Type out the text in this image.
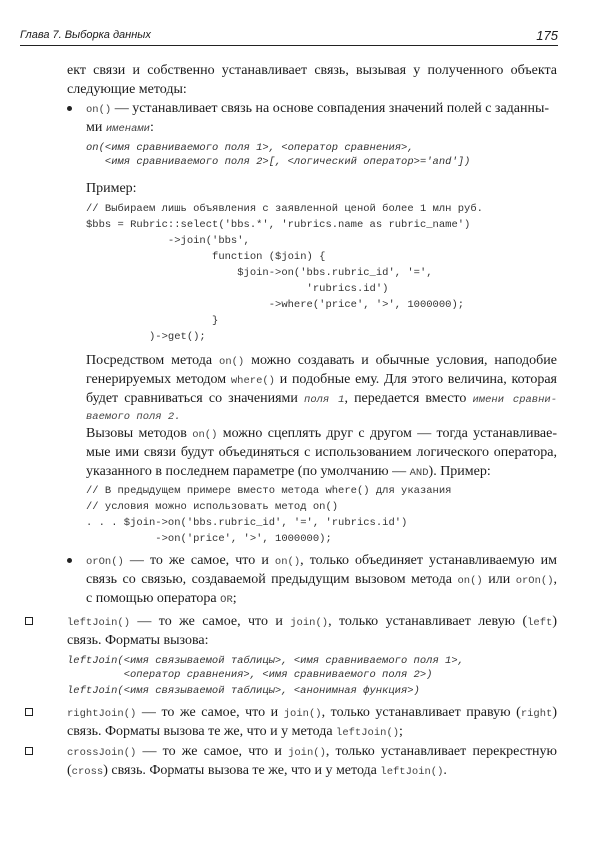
Глава 7. Выборка данных	175
ект связи и собственно устанавливает связь, вызывая у полученного объекта
следующие методы:
on() — устанавливает связь на основе совпадения значений полей с заданны-
ми именами:
on(<имя сравниваемого поля 1>, <оператор сравнения>,
<имя сравниваемого поля 2>[, <логический оператор>='and'])
Пример:
// Выбираем лишь объявления с заявленной ценой более 1 млн руб.
$bbs = Rubric::select('bbs.*', 'rubrics.name as rubric_name')
->join('bbs',
function ($join) {
$join->on('bbs.rubric_id', '=',
'rubrics.id')
->where('price', '>', 1000000);
}
)->get();
Посредством метода on() можно создавать и обычные условия, наподобие
генерируемых методом where() и подобные ему. Для этого величина, которая
будет сравниваться со значениями поля 1, передается вместо имени сравни-
ваемого поля 2.
Вызовы методов on() можно сцеплять друг с другом — тогда устанавливае-
мые ими связи будут объединяться с использованием логического оператора,
указанного в последнем параметре (по умолчанию — AND). Пример:
// В предыдущем примере вместо метода where() для указания
// условия можно использовать метод on()
. . . $join->on('bbs.rubric_id', '=', 'rubrics.id')
->on('price', '>', 1000000);
orOn() — то же самое, что и on(), только объединяет устанавливаемую им
связь со связью, создаваемой предыдущим вызовом метода on() или orOn(),
с помощью оператора OR;
leftJoin() — то же самое, что и join(), только устанавливает левую (left)
связь. Форматы вызова:
leftJoin(<имя связываемой таблицы>, <имя сравниваемого поля 1>,
<оператор сравнения>, <имя сравниваемого поля 2>)
leftJoin(<имя связываемой таблицы>, <анонимная функция>)
rightJoin() — то же самое, что и join(), только устанавливает правую (right)
связь. Форматы вызова те же, что и у метода leftJoin();
crossJoin() — то же самое, что и join(), только устанавливает перекрестную
(cross) связь. Форматы вызова те же, что и у метода leftJoin().
